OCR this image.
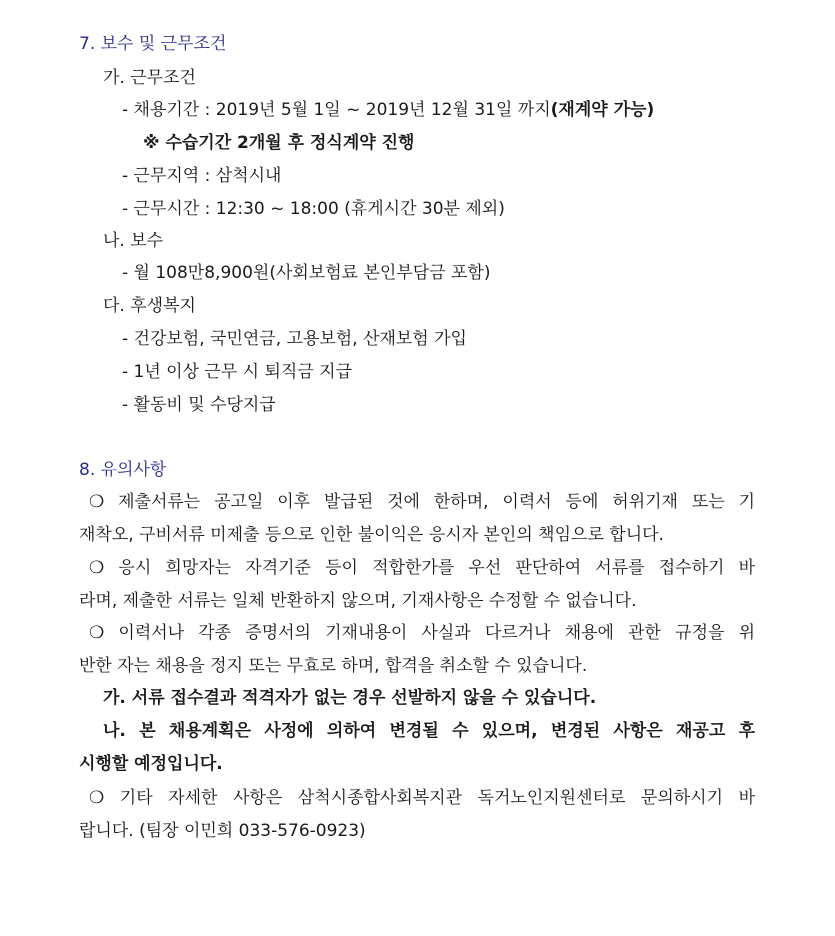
7. 보수 및 근무조건
가. 근무조건
- 채용기간 : 2019년 5월 1일 ~ 2019년 12월 31일 까지(재계약 가능)
※ 수습기간 2개월 후 정식계약 진행
- 근무지역 : 삼척시내
- 근무시간 : 12:30 ~ 18:00 (휴게시간 30분 제외)
나. 보수
- 월 108만8,900원(사회보험료 본인부담금 포함)
다. 후생복지
- 건강보험, 국민연금, 고용보험, 산재보험 가입
- 1년 이상 근무 시 퇴직금 지급
- 활동비 및 수당지급
8. 유의사항
❍ 제출서류는 공고일 이후 발급된 것에 한하며, 이력서 등에 허위기재 또는 기
재착오, 구비서류 미제출 등으로 인한 불이익은 응시자 본인의 책임으로 합니다.
❍ 응시 희망자는 자격기준 등이 적합한가를 우선 판단하여 서류를 접수하기 바
라며, 제출한 서류는 일체 반환하지 않으며, 기재사항은 수정할 수 없습니다.
❍ 이력서나 각종 증명서의 기재내용이 사실과 다르거나 채용에 관한 규정을 위
반한 자는 채용을 정지 또는 무효로 하며, 합격을 취소할 수 있습니다.
가. 서류 접수결과 적격자가 없는 경우 선발하지 않을 수 있습니다.
나. 본 채용계획은 사정에 의하여 변경될 수 있으며, 변경된 사항은 재공고 후
시행할 예정입니다.
❍ 기타 자세한 사항은 삼척시종합사회복지관 독거노인지원센터로 문의하시기 바
랍니다. (팀장 이민희 033-576-0923)
